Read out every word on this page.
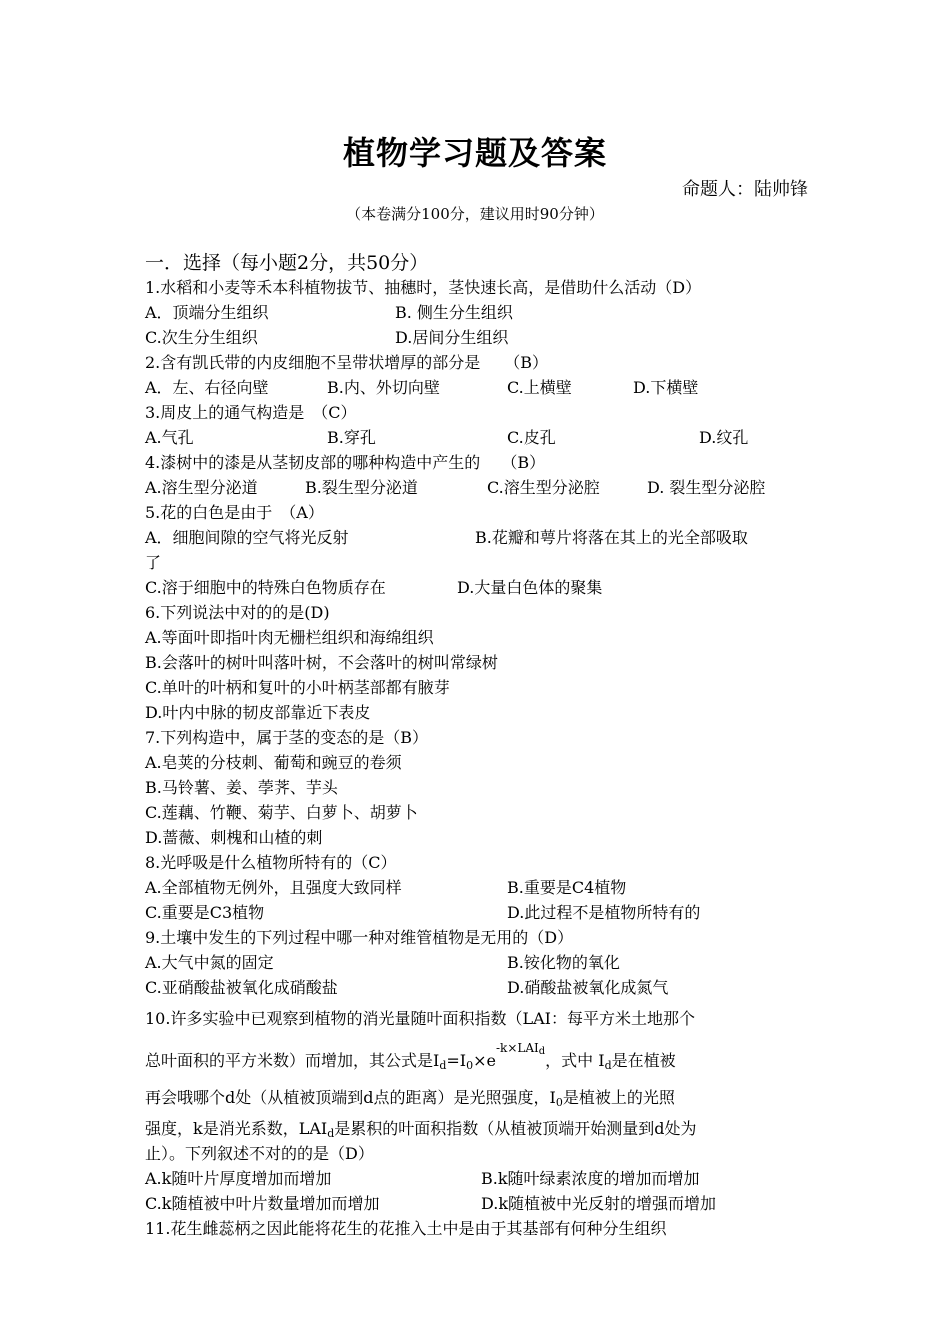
植物学习题及答案
命题人：陆帅锋
（本卷满分100分，建议用时90分钟）
一．选择（每小题2分，共50分）
1.水稻和小麦等禾本科植物拔节、抽穗时，茎快速长高，是借助什么活动（D）
A．顶端分生组织	B. 侧生分生组织
C.次生分生组织	D.居间分生组织
2.含有凯氏带的内皮细胞不呈带状增厚的部分是　　（B）
A．左、右径向壁	B.内、外切向壁	C.上横壁	D.下横壁
3.周皮上的通气构造是　（C）
A.气孔	B.穿孔	C.皮孔	D.纹孔
4.漆树中的漆是从茎韧皮部的哪种构造中产生的　 （B）
A.溶生型分泌道	B.裂生型分泌道	C.溶生型分泌腔	D. 裂生型分泌腔
5.花的白色是由于　（A）
A．细胞间隙的空气将光反射	B.花瓣和萼片将落在其上的光全部吸取
了
C.溶于细胞中的特殊白色物质存在	D.大量白色体的聚集
6.下列说法中对的的是(D)
A.等面叶即指叶肉无栅栏组织和海绵组织
B.会落叶的树叶叫落叶树，不会落叶的树叫常绿树
C.单叶的叶柄和复叶的小叶柄茎部都有腋芽
D.叶内中脉的韧皮部靠近下表皮
7.下列构造中，属于茎的变态的是（B）
A.皂荚的分枝刺、葡萄和豌豆的卷须
B.马铃薯、姜、荸荠、芋头
C.莲藕、竹鞭、菊芋、白萝卜、胡萝卜
D.蔷薇、刺槐和山楂的刺
8.光呼吸是什么植物所特有的（C）
A.全部植物无例外，且强度大致同样	B.重要是C4植物
C.重要是C3植物	D.此过程不是植物所特有的
9.土壤中发生的下列过程中哪一种对维管植物是无用的（D）
A.大气中氮的固定	B.铵化物的氧化
C.亚硝酸盐被氧化成硝酸盐	D.硝酸盐被氧化成氮气
10.许多实验中已观察到植物的消光量随叶面积指数（LAI：每平方米土地那个
总叶面积的平方米数）而增加，其公式是$I_d=I_0\times e^{-k\times LAI_d}$，式中 $I_d$是在植被
再会哦哪个d处（从植被顶端到d点的距离）是光照强度，$I_0$是植被上的光照
强度，k是消光系数，$LAI_d$是累积的叶面积指数（从植被顶端开始测量到d处为
止）。下列叙述不对的的是（D）
A.k随叶片厚度增加而增加	B.k随叶绿素浓度的增加而增加
C.k随植被中叶片数量增加而增加	D.k随植被中光反射的增强而增加
11.花生雌蕊柄之因此能将花生的花推入土中是由于其基部有何种分生组织
